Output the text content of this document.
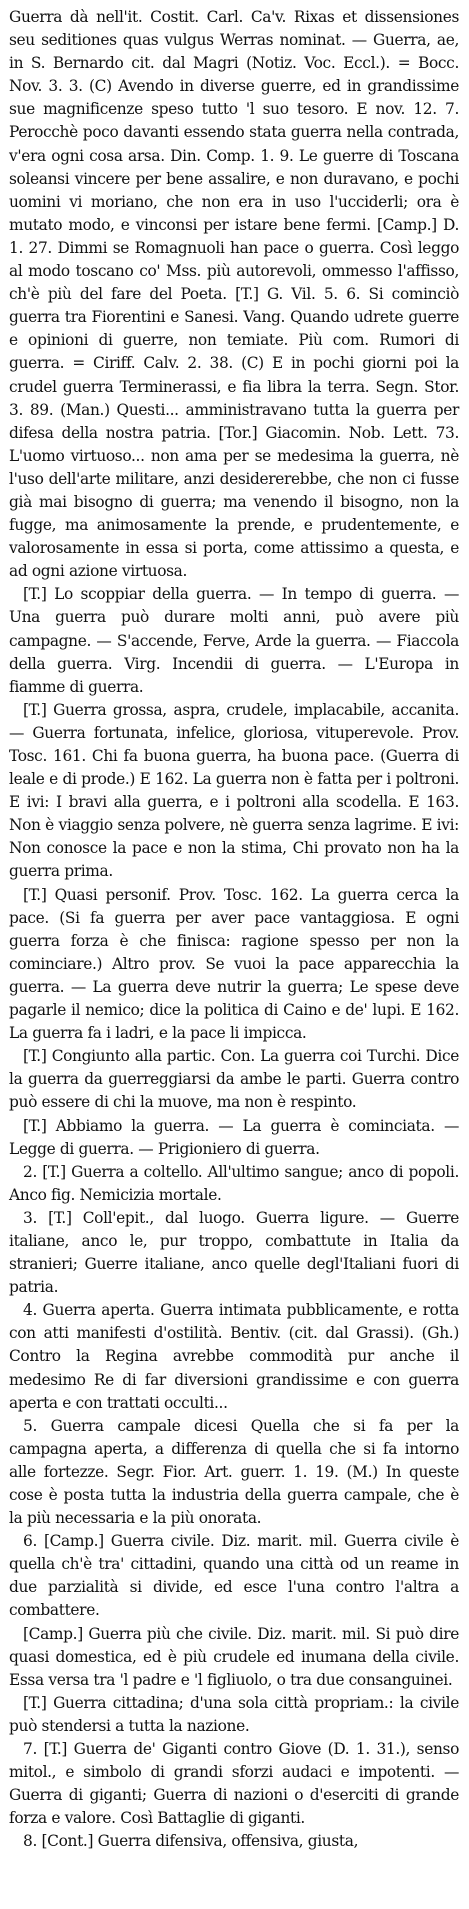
Guerra dà nell'it. Costit. Carl. Ca'v. Rixas et dissensiones seu seditiones quas vulgus Werras nominat. — Guerra, ae, in S. Bernardo cit. dal Magri (Notiz. Voc. Eccl.). = Bocc. Nov. 3. 3. (C) Avendo in diverse guerre, ed in grandissime sue magnificenze speso tutto 'l suo tesoro. E nov. 12. 7. Perocchè poco davanti essendo stata guerra nella contrada, v'era ogni cosa arsa. Din. Comp. 1. 9. Le guerre di Toscana soleansi vincere per bene assalire, e non duravano, e pochi uomini vi moriano, che non era in uso l'ucciderli; ora è mutato modo, e vinconsi per istare bene fermi. [Camp.] D. 1. 27. Dimmi se Romagnuoli han pace o guerra. Così leggo al modo toscano co' Mss. più autorevoli, ommesso l'affisso, ch'è più del fare del Poeta. [T.] G. Vil. 5. 6. Si cominciò guerra tra Fiorentini e Sanesi. Vang. Quando udrete guerre e opinioni di guerre, non temiate. Più com. Rumori di guerra. = Ciriff. Calv. 2. 38. (C) E in pochi giorni poi la crudel guerra Terminerassi, e fia libra la terra. Segn. Stor. 3. 89. (Man.) Questi... amministravano tutta la guerra per difesa della nostra patria. [Tor.] Giacomin. Nob. Lett. 73. L'uomo virtuoso... non ama per se medesima la guerra, nè l'uso dell'arte militare, anzi desidererebbe, che non ci fusse già mai bisogno di guerra; ma venendo il bisogno, non la fugge, ma animosamente la prende, e prudentemente, e valorosamente in essa si porta, come attissimo a questa, e ad ogni azione virtuosa.

[T.] Lo scoppiar della guerra. — In tempo di guerra. — Una guerra può durare molti anni, può avere più campagne. — S'accende, Ferve, Arde la guerra. — Fiaccola della guerra. Virg. Incendii di guerra. — L'Europa in fiamme di guerra.

[T.] Guerra grossa, aspra, crudele, implacabile, accanita. — Guerra fortunata, infelice, gloriosa, vituperevole. Prov. Tosc. 161. Chi fa buona guerra, ha buona pace. (Guerra di leale e di prode.) E 162. La guerra non è fatta per i poltroni. E ivi: I bravi alla guerra, e i poltroni alla scodella. E 163. Non è viaggio senza polvere, nè guerra senza lagrime. E ivi: Non conosce la pace e non la stima, Chi provato non ha la guerra prima.

[T.] Quasi personif. Prov. Tosc. 162. La guerra cerca la pace. (Si fa guerra per aver pace vantaggiosa. E ogni guerra forza è che finisca: ragione spesso per non la cominciare.) Altro prov. Se vuoi la pace apparecchia la guerra. — La guerra deve nutrir la guerra; Le spese deve pagarle il nemico; dice la politica di Caino e de' lupi. E 162. La guerra fa i ladri, e la pace li impicca.

[T.] Congiunto alla partic. Con. La guerra coi Turchi. Dice la guerra da guerreggiarsi da ambe le parti. Guerra contro può essere di chi la muove, ma non è respinto.

[T.] Abbiamo la guerra. — La guerra è cominciata. — Legge di guerra. — Prigioniero di guerra.

2. [T.] Guerra a coltello. All'ultimo sangue; anco di popoli. Anco fig. Nemicizia mortale.

3. [T.] Coll'epit., dal luogo. Guerra ligure. — Guerre italiane, anco le, pur troppo, combattute in Italia da stranieri; Guerre italiane, anco quelle degl'Italiani fuori di patria.

4. Guerra aperta. Guerra intimata pubblicamente, e rotta con atti manifesti d'ostilità. Bentiv. (cit. dal Grassi). (Gh.) Contro la Regina avrebbe commodità pur anche il medesimo Re di far diversioni grandissime e con guerra aperta e con trattati occulti...

5. Guerra campale dicesi Quella che si fa per la campagna aperta, a differenza di quella che si fa intorno alle fortezze. Segr. Fior. Art. guerr. 1. 19. (M.) In queste cose è posta tutta la industria della guerra campale, che è la più necessaria e la più onorata.

6. [Camp.] Guerra civile. Diz. marit. mil. Guerra civile è quella ch'è tra' cittadini, quando una città od un reame in due parzialità si divide, ed esce l'una contro l'altra a combattere.

[Camp.] Guerra più che civile. Diz. marit. mil. Si può dire quasi domestica, ed è più crudele ed inumana della civile. Essa versa tra 'l padre e 'l figliuolo, o tra due consanguinei.

[T.] Guerra cittadina; d'una sola città propriam.: la civile può stendersi a tutta la nazione.

7. [T.] Guerra de' Giganti contro Giove (D. 1. 31.), senso mitol., e simbolo di grandi sforzi audaci e impotenti. — Guerra di giganti; Guerra di nazioni o d'eserciti di grande forza e valore. Così Battaglie di giganti.

8. [Cont.] Guerra difensiva, offensiva, giusta,
